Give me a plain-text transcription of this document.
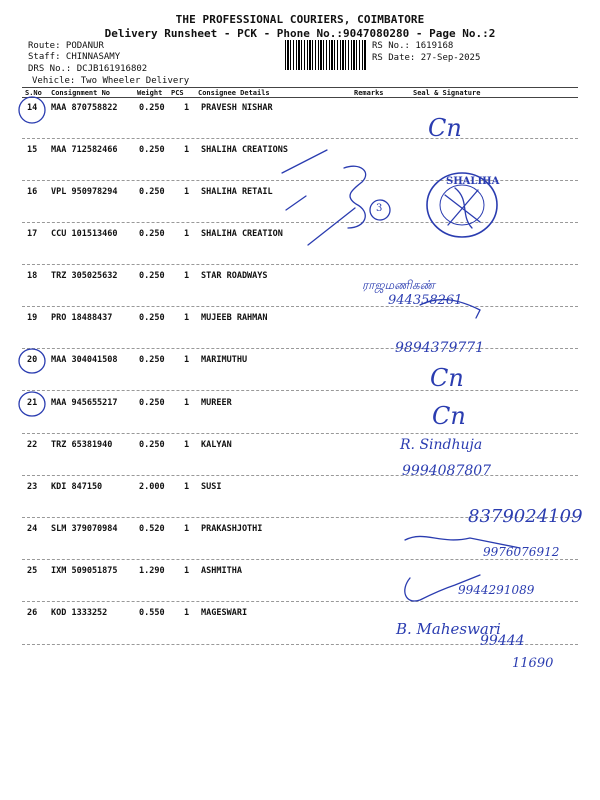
THE PROFESSIONAL COURIERS, COIMBATORE
Delivery Runsheet - PCK - Phone No.:9047080280 - Page No.:2
Route: PODANUR
Staff: CHINNASAMY
DRS No.: DCJB161916802
Vehicle: Two Wheeler Delivery
RS No.: 1619168
RS Date: 27-Sep-2025
S.No Consignment No	Weight PCS Consignee Details	Remarks	Seal & Signature
14 MAA 870758822	0.250 1 PRAVESH NISHAR
15 MAA 712582466	0.250 1 SHALIHA CREATIONS
16 VPL 950978294	0.250 1 SHALIHA RETAIL
17 CCU 101513460	0.250 1 SHALIHA CREATION
18 TRZ 305025632	0.250 1 STAR ROADWAYS
19 PRO 18488437	0.250 1 MUJEEB RAHMAN
20 MAA 304041508	0.250 1 MARIMUTHU
21 MAA 945655217	0.250 1 MUREER
22 TRZ 65381940	0.250 1 KALYAN
23 KDI 847150	2.000 1 SUSI
24 SLM 379070984	0.520 1 PRAKASHJOTHI
25 IXM 509051875	1.290 1 ASHMITHA
26 KOD 1333252	0.550 1 MAGESWARI
Cn
SHALIHA
3
ராஜமணிகண்
944358261
9894379771
Cn
Cn
R. Sindhuja
9994087807
8379024109
9976076912
9944291089
B. Maheswari
99444
11690
